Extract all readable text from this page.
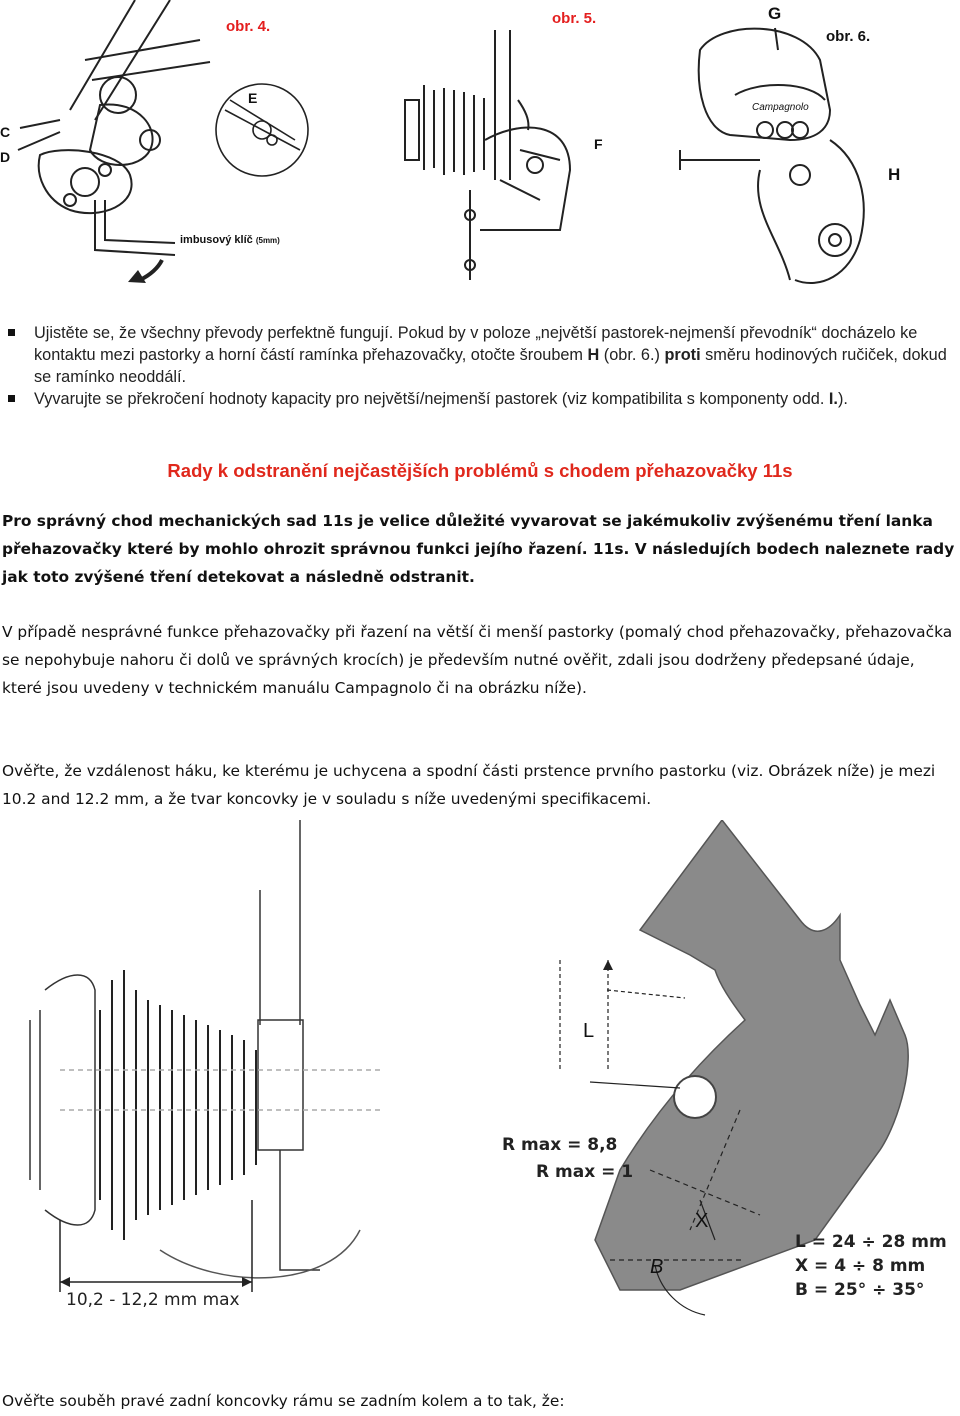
obr. 4.	obr. 5.
obr. 6.
C
D
E
F
G
H
Campagnolo
imbusový klíč (5mm)

Ujistěte se, že všechny převody perfektně fungují. Pokud by v poloze „největší pastorek-nejmenší převodník“ docházelo ke kontaktu mezi pastorky a horní částí ramínka přehazovačky, otočte šroubem H (obr. 6.) proti směru hodinových ručiček, dokud se ramínko neoddálí.

Vyvarujte se překročení hodnoty kapacity pro největší/nejmenší pastorek (viz kompatibilita s komponenty odd. I.).

Rady k odstranění nejčastějších problémů s chodem přehazovačky 11s

Pro správný chod mechanických sad 11s je velice důležité vyvarovat se jakémukoliv zvýšenému tření lanka přehazovačky které by mohlo ohrozit správnou funkci jejího řazení. 11s. V následujích bodech naleznete rady jak toto zvýšené tření detekovat a následně odstranit.

V případě nesprávné funkce přehazovačky při řazení na větší či menší pastorky (pomalý chod přehazovačky, přehazovačka se nepohybuje nahoru či dolů ve správných krocích) je především nutné ověřit, zdali jsou dodrženy předepsané údaje, které jsou uvedeny v technickém manuálu Campagnolo či na obrázku níže).

Ověřte, že vzdálenost háku, ke kterému je uchycena a spodní části prstence prvního pastorku (viz. Obrázek níže) je mezi 10.2 and 12.2 mm, a že tvar koncovky je v souladu s níže uvedenými specifikacemi.

L
X
B
R max = 8,8
R max = 1
L = 24 ÷ 28 mm
X = 4 ÷ 8 mm
B = 25° ÷ 35°
10,2 - 12,2 mm max

Ověřte souběh pravé zadní koncovky rámu se zadním kolem a to tak, že:
